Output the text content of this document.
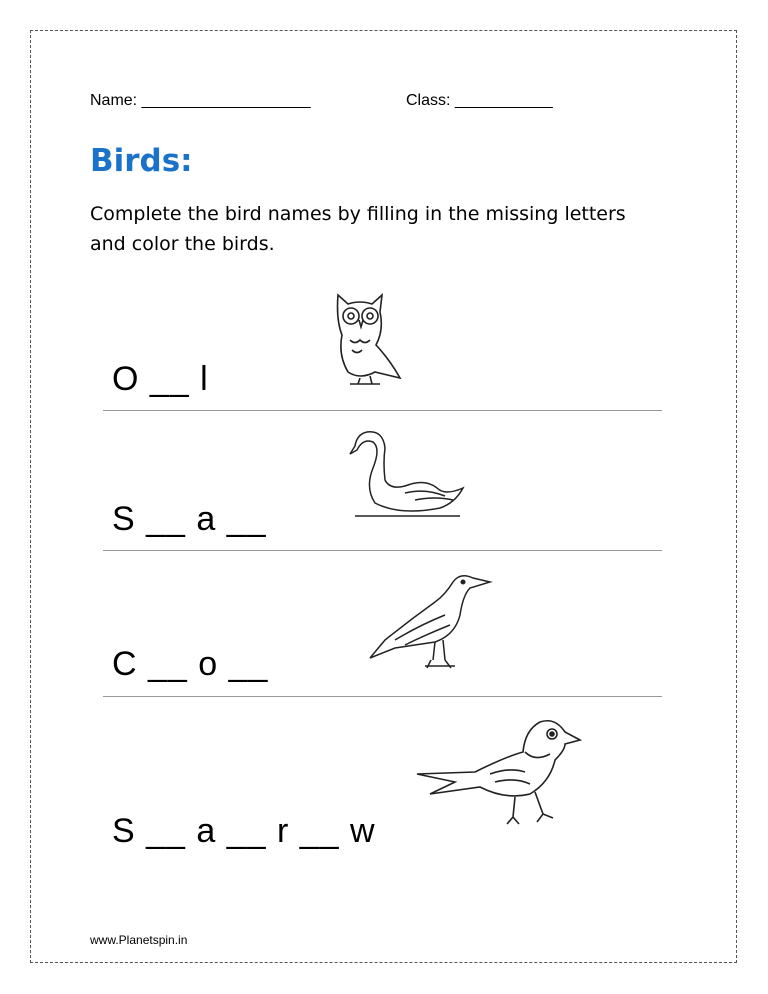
Name: ___________________	Class: ___________
Birds:
Complete the bird names by filling in the missing letters and color the birds.
O __ l
S __ a __
C __ o __
S __ a __ r __ w
www.Planetspin.in
